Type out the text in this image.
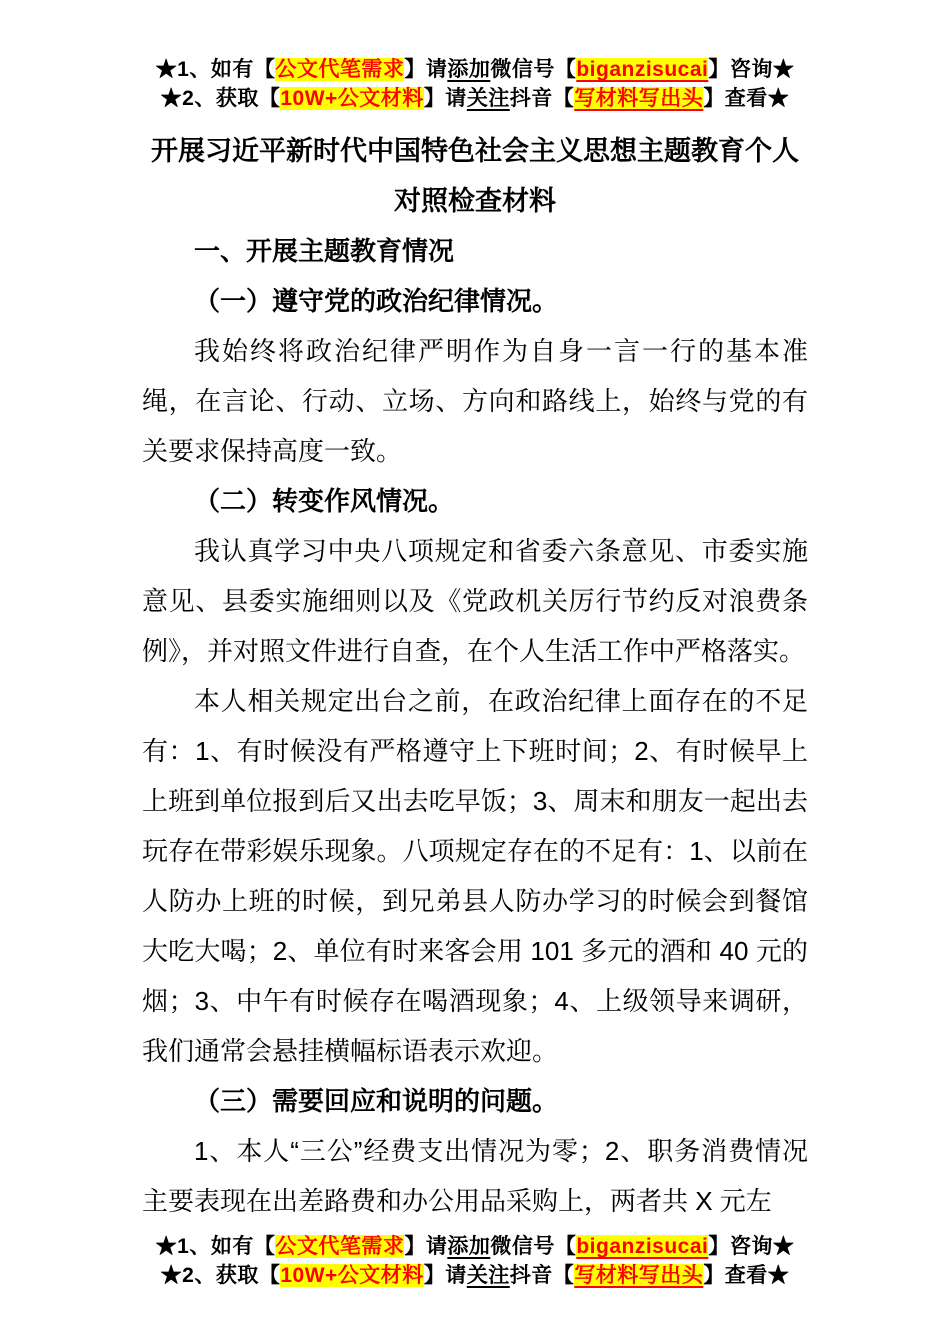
★1、如有【公文代笔需求】请添加微信号【biganzisucai】咨询★
★2、获取【10W+公文材料】请关注抖音【写材料写出头】查看★
开展习近平新时代中国特色社会主义思想主题教育个人对照检查材料
一、开展主题教育情况
（一）遵守党的政治纪律情况。
我始终将政治纪律严明作为自身一言一行的基本准绳，在言论、行动、立场、方向和路线上，始终与党的有关要求保持高度一致。
（二）转变作风情况。
我认真学习中央八项规定和省委六条意见、市委实施意见、县委实施细则以及《党政机关厉行节约反对浪费条例》，并对照文件进行自查，在个人生活工作中严格落实。
本人相关规定出台之前，在政治纪律上面存在的不足有：1、有时候没有严格遵守上下班时间；2、有时候早上上班到单位报到后又出去吃早饭；3、周末和朋友一起出去玩存在带彩娱乐现象。八项规定存在的不足有：1、以前在人防办上班的时候，到兄弟县人防办学习的时候会到餐馆大吃大喝；2、单位有时来客会用 101 多元的酒和 40 元的烟；3、中午有时候存在喝酒现象；4、上级领导来调研，我们通常会悬挂横幅标语表示欢迎。
（三）需要回应和说明的问题。
1、本人“三公”经费支出情况为零；2、职务消费情况主要表现在出差路费和办公用品采购上，两者共 X 元左
★1、如有【公文代笔需求】请添加微信号【biganzisucai】咨询★
★2、获取【10W+公文材料】请关注抖音【写材料写出头】查看★
